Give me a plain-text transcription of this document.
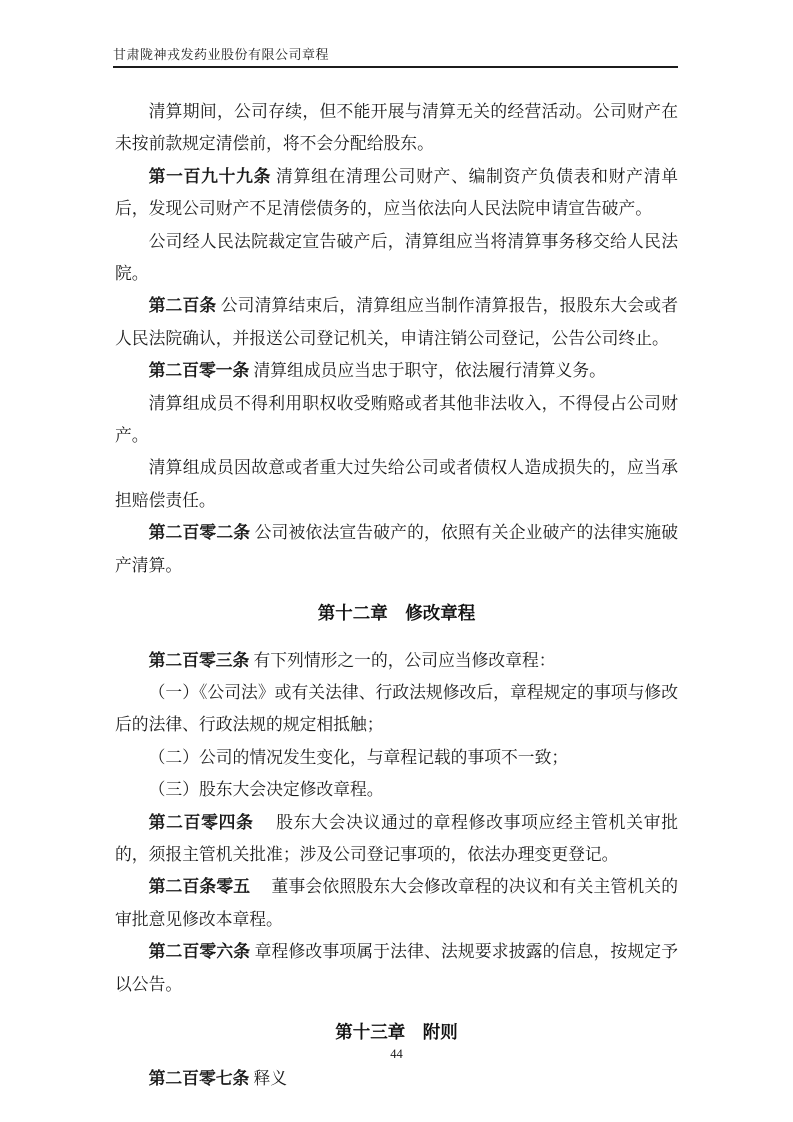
甘肃陇神戎发药业股份有限公司章程

清算期间，公司存续，但不能开展与清算无关的经营活动。公司财产在未按前款规定清偿前，将不会分配给股东。

第一百九十九条 清算组在清理公司财产、编制资产负债表和财产清单后，发现公司财产不足清偿债务的，应当依法向人民法院申请宣告破产。

公司经人民法院裁定宣告破产后，清算组应当将清算事务移交给人民法院。

第二百条 公司清算结束后，清算组应当制作清算报告，报股东大会或者人民法院确认，并报送公司登记机关，申请注销公司登记，公告公司终止。

第二百零一条 清算组成员应当忠于职守，依法履行清算义务。

清算组成员不得利用职权收受贿赂或者其他非法收入，不得侵占公司财产。

清算组成员因故意或者重大过失给公司或者债权人造成损失的，应当承担赔偿责任。

第二百零二条 公司被依法宣告破产的，依照有关企业破产的法律实施破产清算。

第十二章　修改章程

第二百零三条 有下列情形之一的，公司应当修改章程：

（一）《公司法》或有关法律、行政法规修改后，章程规定的事项与修改后的法律、行政法规的规定相抵触；

（二）公司的情况发生变化，与章程记载的事项不一致；

（三）股东大会决定修改章程。

第二百零四条 　股东大会决议通过的章程修改事项应经主管机关审批的，须报主管机关批准；涉及公司登记事项的，依法办理变更登记。

第二百条零五 　董事会依照股东大会修改章程的决议和有关主管机关的审批意见修改本章程。

第二百零六条 章程修改事项属于法律、法规要求披露的信息，按规定予以公告。

第十三章　附则

第二百零七条 释义

44
